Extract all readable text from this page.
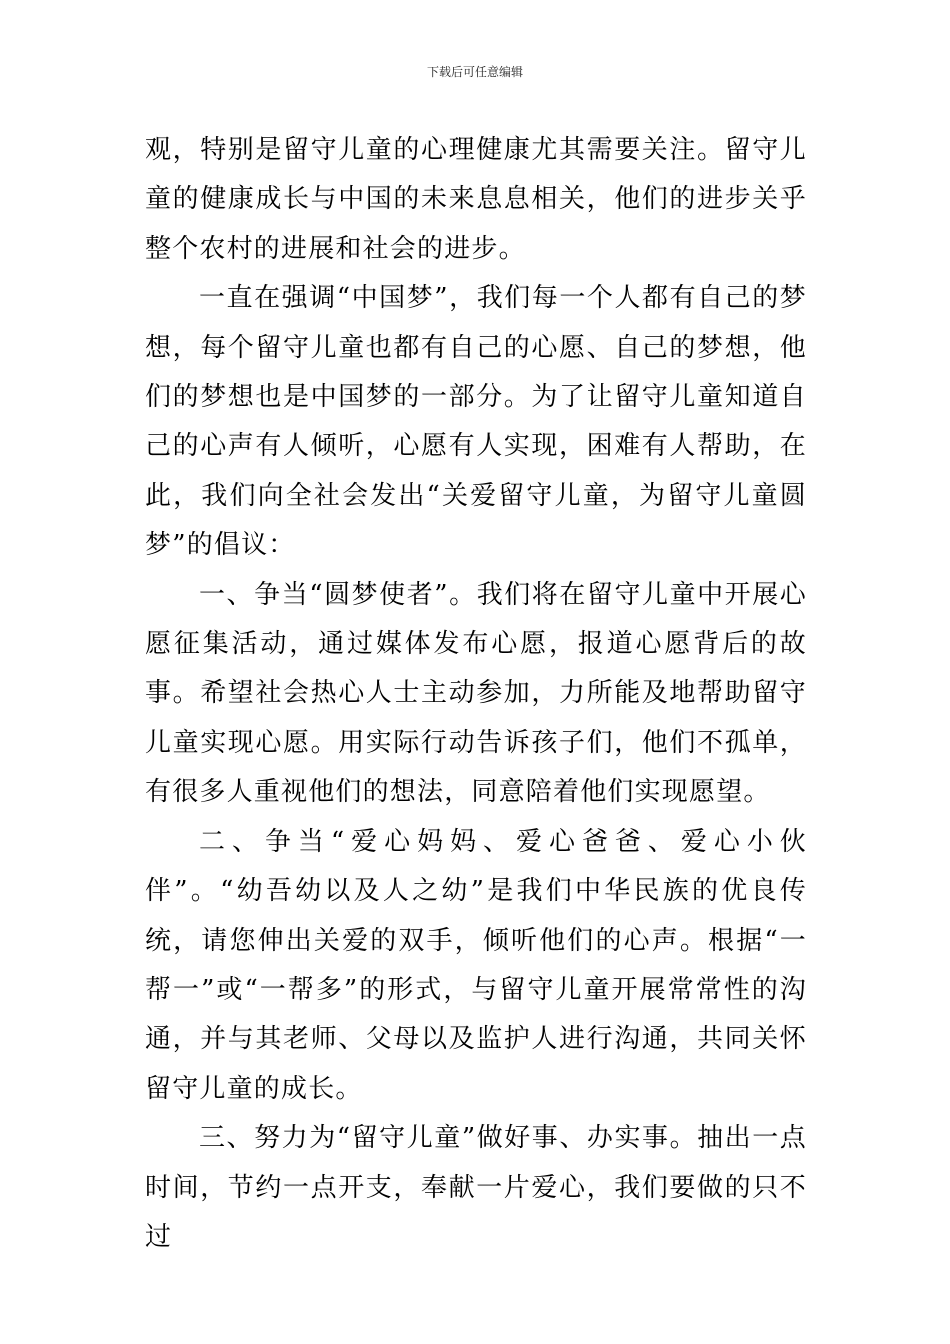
下载后可任意编辑

观，特别是留守儿童的心理健康尤其需要关注。留守儿童的健康成长与中国的未来息息相关，他们的进步关乎整个农村的进展和社会的进步。

一直在强调“中国梦”，我们每一个人都有自己的梦想，每个留守儿童也都有自己的心愿、自己的梦想，他们的梦想也是中国梦的一部分。为了让留守儿童知道自己的心声有人倾听，心愿有人实现，困难有人帮助，在此，我们向全社会发出“关爱留守儿童，为留守儿童圆梦”的倡议：

一、争当“圆梦使者”。我们将在留守儿童中开展心愿征集活动，通过媒体发布心愿，报道心愿背后的故事。希望社会热心人士主动参加，力所能及地帮助留守儿童实现心愿。用实际行动告诉孩子们，他们不孤单，有很多人重视他们的想法，同意陪着他们实现愿望。

二、争当“爱心妈妈、爱心爸爸、爱心小伙伴”。“幼吾幼以及人之幼”是我们中华民族的优良传统，请您伸出关爱的双手，倾听他们的心声。根据“一帮一”或“一帮多”的形式，与留守儿童开展常常性的沟通，并与其老师、父母以及监护人进行沟通，共同关怀留守儿童的成长。

三、努力为“留守儿童”做好事、办实事。抽出一点时间，节约一点开支，奉献一片爱心，我们要做的只不过
